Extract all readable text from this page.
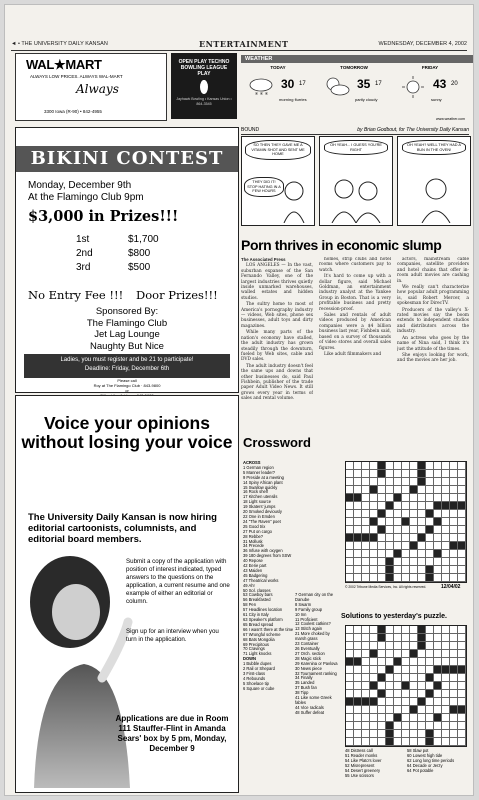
◄ • THE UNIVERSITY DAILY KANSAN	ENTERTAINMENT	WEDNESDAY, DECEMBER 4, 2002
WAL★MART
ALWAYS LOW PRICES. ALWAYS WAL-MART
Always
3300 Iowa (R-90) • 842-4955
OPEN PLAY TECHNO BOWLING LEAGUE PLAY
Jayhawk Bowling • Kansas Union • 864-3545
WEATHER
TODAY
* * *
30 17
morning flurries
TOMORROW
35 17
partly cloudy
FRIDAY
43 20
sunny
www.weather.com
BIKINI CONTEST
Monday, December 9th
At the Flamingo Club 9pm
$3,000 in Prizes!!!
1st	$1,700
2nd	$800
3rd	$500
No Entry Fee !!! Door Prizes!!!
Sponsored By:
The Flamingo Club
Jet Lag Lounge
Naughty But Nice
Ladies, you must register and be 21 to participate!
Deadline: Friday, December 6th
Please call
Roy at The Flamingo Club · 843-9800
or
BOUND	by Brian Godbout, for The University Daily Kansan
SO THEN THEY GAVE ME A VITAMIN SHOT AND SENT ME HOME
THEY DID IT! STOP HATING IN A FEW HOURS
OH YEAH... I GUESS YOU'RE RIGHT
OH YEAH? WELL THEY HAD A BUN IN THE OVEN!
Porn thrives in economic slump

The Associated Press

LOS ANGELES — In the vast, suburban expanse of the San Fernando Valley, one of the largest industries thrives quietly inside unmarked warehouses, walled estates and hidden studios.

The sultry home to most of America's pornography industry — videos, Web sites, phone sex businesses, adult toys and dirty magazines.

While many parts of the nation's economy have stalled, the adult industry has grown steadily through the downturn, fueled by Web sites, cable and DVD sales.

The adult industry doesn't feel the same ups and downs that other businesses do, said Paul Fishbein, publisher of the trade paper Adult Video News. It still grows every year in terms of sales and rental volume.

homes, strip clubs and hotel rooms where customers pay to watch.

It's hard to come up with a dollar figure, said Michael Goldman, an entertainment industry analyst at the Yankee Group in Boston. That is a very profitable business and pretty recession-proof.

Sales and rentals of adult videos produced by American companies were a $4 billion business last year, Fishbein said, based on a survey of thousands of video stores and overall sales figures.

Like adult filmmakers and

actors, mainstream cable companies, satellite providers and hotel chains that offer in-room adult movies are cashing in.

We really can't characterize how popular adult programming is, said Robert Mercer, a spokesman for DirecTV.

Producers of the valley's X-rated movies say the boom extends to independent studios and distributors across the industry.

An actress who goes by the name of Nina said, I think it's just the attitude of the times.

She enjoys looking for work, and the movies are her job.

Voice your opinions without losing your voice
The University Daily Kansan is now hiring editorial cartoonists, columnists, and editorial board members.
Submit a copy of the application with position of interest indicated, typed answers to the questions on the application, a current resume and one example of either an editorial or column.
Sign up for an interview when you turn in the application.
Applications are due in Room 111 Stauffer-Flint in Amanda Sears' box by 5 pm, Monday, December 9
Crossword
ACROSS
1 German region
5 Manner leader?
9 Preside at a meeting
14 Spiny African plant
15 Swallow quickly
16 Rock shelf
17 Kitchen utensils
18 Light source
19 Skaters' jumps
20 Smoked deviously
22 One in Emden
24 "The Raven" poet
25 Good trix
27 Put on cargo
28 Rebbe?
31 Mollusk
34 Precede
36 Infuse with oxygen
39 180 degrees from SSW
40 Repose
42 Eerie part
43 Maiden
45 Badgering
47 Theatrical works
49 Ah!
50 Sol. classes
53 Cowboy bars
56 Breakfasted
58 Pen
57 Headlines location
61 City in Italy
63 Speaker's platform
65 Bread spread
66 I wasn't there at the time
67 Wrongful scheme
68 Bats Mongolia
69 Precipitous
70 Cravings
71 Light knocks
DOWN
1 Bubble dupes
2 Rail or Shepard
3 First-class
4 Rebounds
5 Shoelace tip
6 Square or cube
© 2002 Tribune Media Services, Inc. All rights reserved.	12/04/02
7 German city on the Danube
8 Swarm
9 Family group
10 Inn
11 Proficient
12 Coolest catkins?
13 Stitch again
21 More choked by marsh grass
23 Container
26 Eventually
27 Orch. section
28 Magic stick
29 Karenina or Pavlova
30 News piece
32 Tournament ranking
34 Finally
35 Landed
37 Bush fan
38 Tipp
41 Like some Greek fables
44 Vice radicals
48 Suffer defeat
Solutions to yesterday's puzzle.
48 Distress call
51 Reader monks
54 Like Plato's lover
52 Misrepresent
54 Desert greenery
55 Use scissors
58 Slaw pot
60 Lowest high tide
62 Long long time periods
64 Decade or Jerzy
64 Pot potable
